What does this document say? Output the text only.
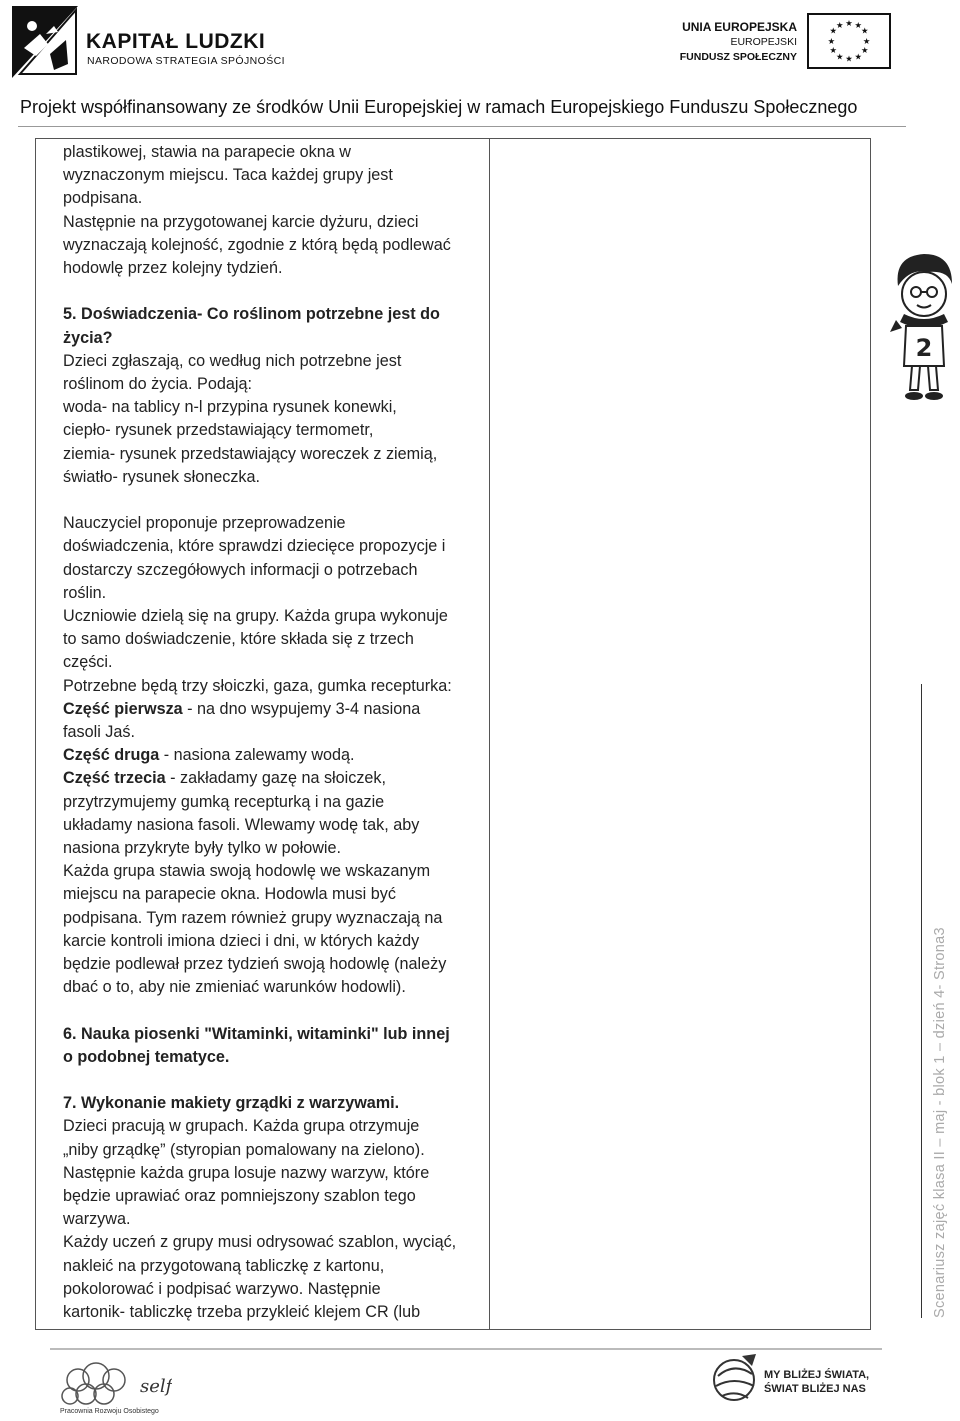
KAPITAŁ LUDZKI
NARODOWA STRATEGIA SPÓJNOŚCI
UNIA EUROPEJSKA
EUROPEJSKI
FUNDUSZ SPOŁECZNY
★ ★
★
★
★
★
★
★
★
★
★
★
Projekt współfinansowany ze środków Unii Europejskiej w ramach Europejskiego Funduszu Społecznego

plastikowej, stawia na parapecie okna w

wyznaczonym miejscu. Taca każdej grupy jest

podpisana.

Następnie na przygotowanej karcie dyżuru, dzieci

wyznaczają kolejność, zgodnie z którą będą podlewać

hodowlę przez kolejny tydzień.

5. Doświadczenia- Co roślinom potrzebne jest do

życia?

Dzieci zgłaszają, co według nich potrzebne jest

roślinom do życia. Podają:

woda- na tablicy n-l przypina rysunek konewki,

ciepło- rysunek przedstawiający termometr,

ziemia- rysunek przedstawiający woreczek z ziemią,

światło- rysunek słoneczka.

Nauczyciel proponuje przeprowadzenie

doświadczenia, które sprawdzi dziecięce propozycje i

dostarczy szczegółowych informacji o potrzebach

roślin.

Uczniowie dzielą się na grupy. Każda grupa wykonuje

to samo doświadczenie, które składa się z trzech

części.

Potrzebne będą trzy słoiczki, gaza, gumka recepturka:

Część pierwsza - na dno wsypujemy 3-4 nasiona

fasoli Jaś.

Część druga - nasiona zalewamy wodą.

Część trzecia - zakładamy gazę na słoiczek,

przytrzymujemy gumką recepturką i na gazie

układamy nasiona fasoli. Wlewamy wodę tak, aby

nasiona przykryte były tylko w połowie.

Każda grupa stawia swoją hodowlę we wskazanym

miejscu na parapecie okna. Hodowla musi być

podpisana. Tym razem również grupy wyznaczają na

karcie kontroli imiona dzieci i dni, w których każdy

będzie podlewał przez tydzień swoją hodowlę (należy

dbać o to, aby nie zmieniać warunków hodowli).

6. Nauka piosenki "Witaminki, witaminki" lub innej

o podobnej tematyce.

7. Wykonanie makiety grządki z warzywami.

Dzieci pracują w grupach. Każda grupa otrzymuje

„niby grządkę” (styropian pomalowany na zielono).

Następnie każda grupa losuje nazwy warzyw, które

będzie uprawiać oraz pomniejszony szablon tego

warzywa.

Każdy uczeń z grupy musi odrysować szablon, wyciąć,

nakleić na przygotowaną tabliczkę z kartonu,

pokolorować i podpisać warzywo. Następnie

kartonik- tabliczkę trzeba przykleić klejem CR (lub

2
Scenariusz zajęć klasa II – maj - blok 1 – dzień 4- Strona3
self
Pracownia Rozwoju Osobistego
MY BLIŻEJ ŚWIATA,
ŚWIAT BLIŻEJ NAS
